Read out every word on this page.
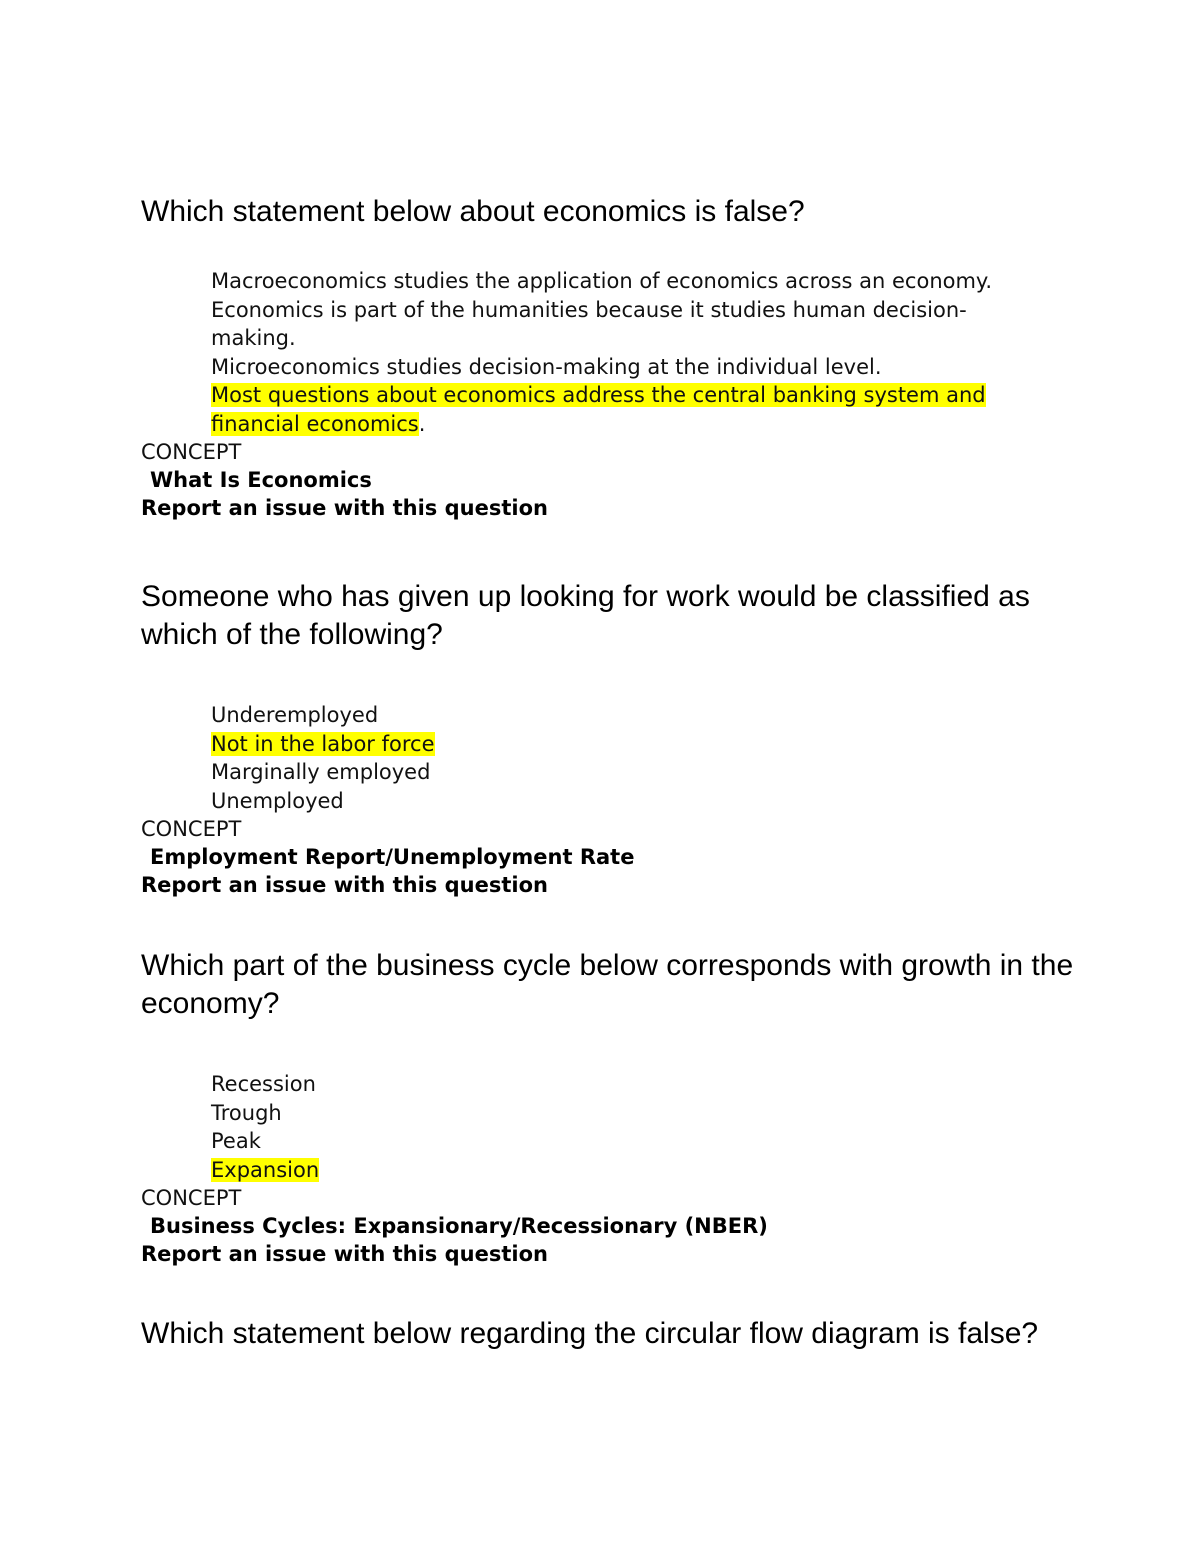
Which statement below about economics is false?
Macroeconomics studies the application of economics across an economy.
Economics is part of the humanities because it studies human decision-making.
Microeconomics studies decision-making at the individual level.
Most questions about economics address the central banking system and financial economics.
CONCEPT
What Is Economics
Report an issue with this question
Someone who has given up looking for work would be classified as which of the following?
Underemployed
Not in the labor force
Marginally employed
Unemployed
CONCEPT
Employment Report/Unemployment Rate
Report an issue with this question
Which part of the business cycle below corresponds with growth in the economy?
Recession
Trough
Peak
Expansion
CONCEPT
Business Cycles: Expansionary/Recessionary (NBER)
Report an issue with this question
Which statement below regarding the circular flow diagram is false?
